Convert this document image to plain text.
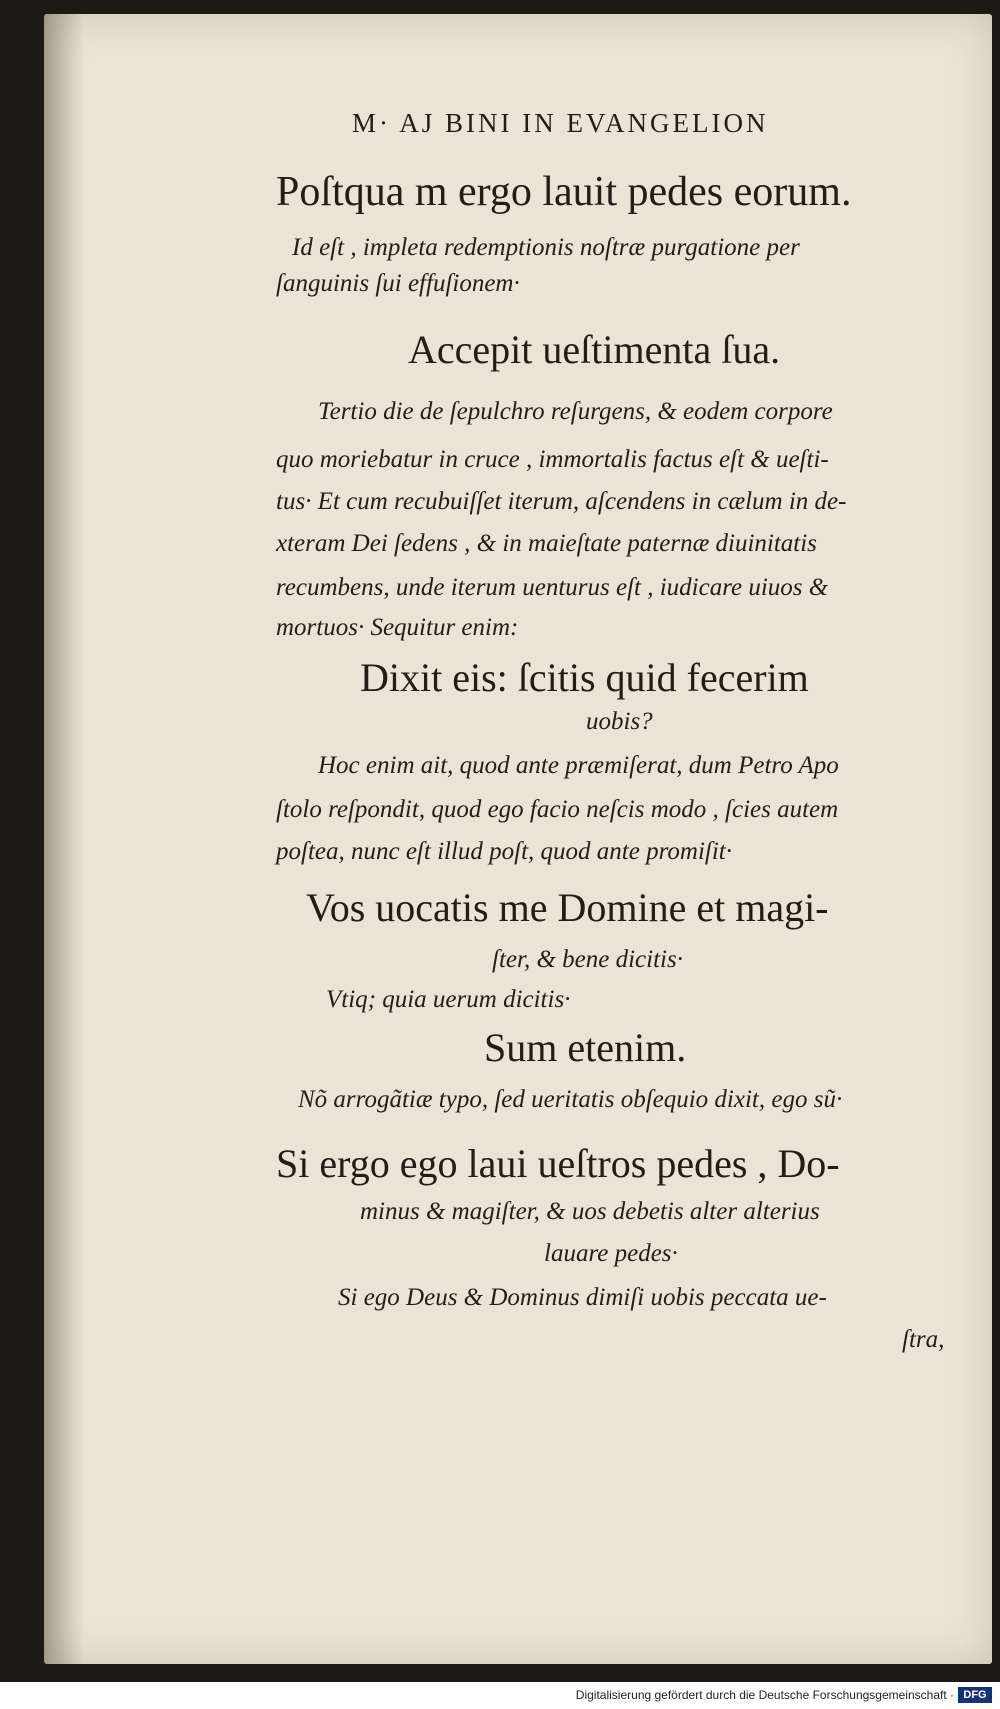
M· AJ BINI IN EVANGELION
Poſtqua m ergo lauit pedes eorum.
Id eſt , impleta redemptionis noſtræ purgatione per
ſanguinis ſui effuſionem·
Accepit ueſtimenta ſua.
Tertio die de ſepulchro reſurgens, & eodem corpore
quo moriebatur in cruce , immortalis factus eſt & ueſti-
tus· Et cum recubuiſſet iterum, aſcendens in cælum in de-
xteram Dei ſedens , & in maieſtate paternæ diuinitatis
recumbens, unde iterum uenturus eſt , iudicare uiuos &
mortuos· Sequitur enim:
Dixit eis: ſcitis quid fecerim
uobis?
Hoc enim ait, quod ante præmiſerat, dum Petro Apo
ſtolo reſpondit, quod ego facio neſcis modo , ſcies autem
poſtea, nunc eſt illud poſt, quod ante promiſit·
Vos uocatis me Domine et magi-
ſter, & bene dicitis·
Vtiq; quia uerum dicitis·
Sum etenim.
Nõ arrogãtiæ typo, ſed ueritatis obſequio dixit, ego sũ·
Si ergo ego laui ueſtros pedes , Do-
minus & magiſter, & uos debetis alter alterius
lauare pedes·
Si ego Deus & Dominus dimiſi uobis peccata ue-
ſtra,
Digitalisierung gefördert durch die Deutsche Forschungsgemeinschaft · DFG
